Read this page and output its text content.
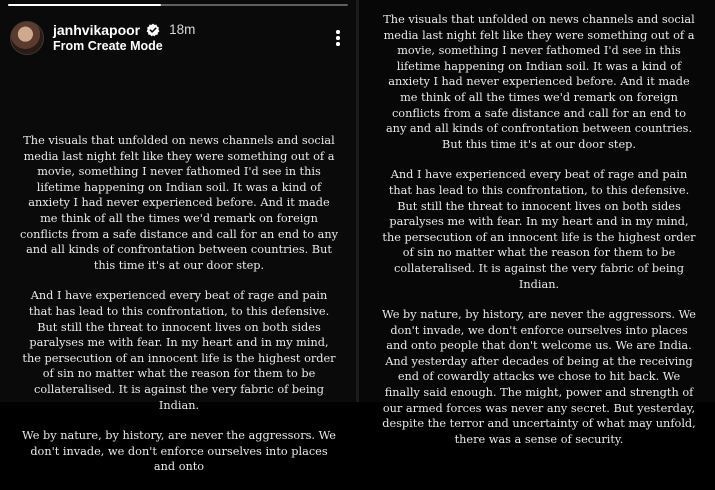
janhvikapoor 18m
From Create Mode

The visuals that unfolded on news channels and social media last night felt like they were something out of a movie, something I never fathomed I'd see in this lifetime happening on Indian soil. It was a kind of anxiety I had never experienced before. And it made me think of all the times we'd remark on foreign conflicts from a safe distance and call for an end to any and all kinds of confrontation between countries. But this time it's at our door step.

And I have experienced every beat of rage and pain that has lead to this confrontation, to this defensive. But still the threat to innocent lives on both sides paralyses me with fear. In my heart and in my mind, the persecution of an innocent life is the highest order of sin no matter what the reason for them to be collateralised. It is against the very fabric of being Indian.

We by nature, by history, are never the aggressors. We don't invade, we don't enforce ourselves into places and onto

The visuals that unfolded on news channels and social media last night felt like they were something out of a movie, something I never fathomed I'd see in this lifetime happening on Indian soil. It was a kind of anxiety I had never experienced before. And it made me think of all the times we'd remark on foreign conflicts from a safe distance and call for an end to any and all kinds of confrontation between countries. But this time it's at our door step.

And I have experienced every beat of rage and pain that has lead to this confrontation, to this defensive. But still the threat to innocent lives on both sides paralyses me with fear. In my heart and in my mind, the persecution of an innocent life is the highest order of sin no matter what the reason for them to be collateralised. It is against the very fabric of being Indian.

We by nature, by history, are never the aggressors. We don't invade, we don't enforce ourselves into places and onto people that don't welcome us. We are India. And yesterday after decades of being at the receiving end of cowardly attacks we chose to hit back. We finally said enough. The might, power and strength of our armed forces was never any secret. But yesterday, despite the terror and uncertainty of what may unfold, there was a sense of security.
